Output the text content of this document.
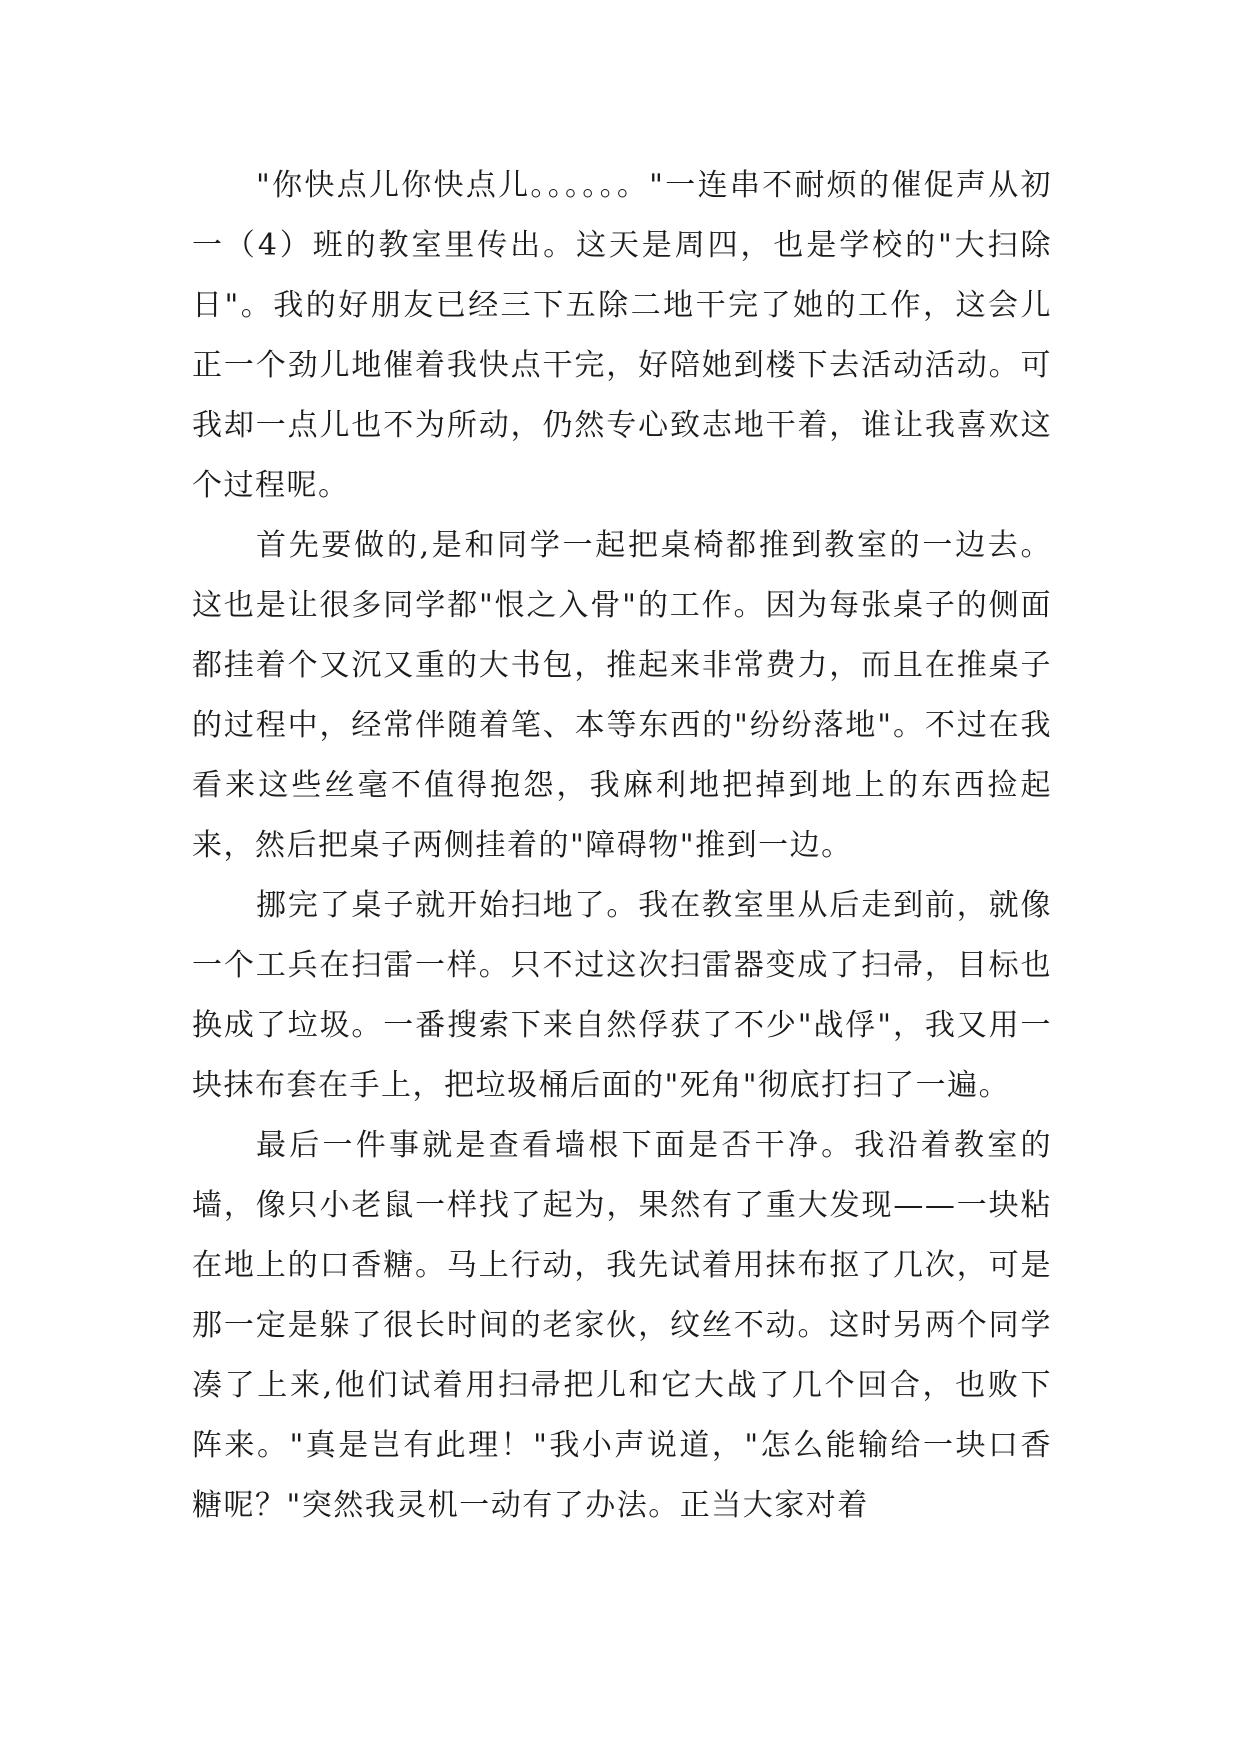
"你快点儿你快点儿。。。。。。"一连串不耐烦的催促声从初一（4）班的教室里传出。这天是周四，也是学校的"大扫除日"。我的好朋友已经三下五除二地干完了她的工作，这会儿正一个劲儿地催着我快点干完，好陪她到楼下去活动活动。可我却一点儿也不为所动，仍然专心致志地干着，谁让我喜欢这个过程呢。

首先要做的,是和同学一起把桌椅都推到教室的一边去。这也是让很多同学都"恨之入骨"的工作。因为每张桌子的侧面都挂着个又沉又重的大书包，推起来非常费力，而且在推桌子的过程中，经常伴随着笔、本等东西的"纷纷落地"。不过在我看来这些丝毫不值得抱怨，我麻利地把掉到地上的东西捡起来，然后把桌子两侧挂着的"障碍物"推到一边。

挪完了桌子就开始扫地了。我在教室里从后走到前，就像一个工兵在扫雷一样。只不过这次扫雷器变成了扫帚，目标也换成了垃圾。一番搜索下来自然俘获了不少"战俘"，我又用一块抹布套在手上，把垃圾桶后面的"死角"彻底打扫了一遍。

最后一件事就是查看墙根下面是否干净。我沿着教室的墙，像只小老鼠一样找了起为，果然有了重大发现——一块粘在地上的口香糖。马上行动，我先试着用抹布抠了几次，可是那一定是躲了很长时间的老家伙，纹丝不动。这时另两个同学凑了上来,他们试着用扫帚把儿和它大战了几个回合，也败下阵来。"真是岂有此理！"我小声说道，"怎么能输给一块口香糖呢？"突然我灵机一动有了办法。正当大家对着
